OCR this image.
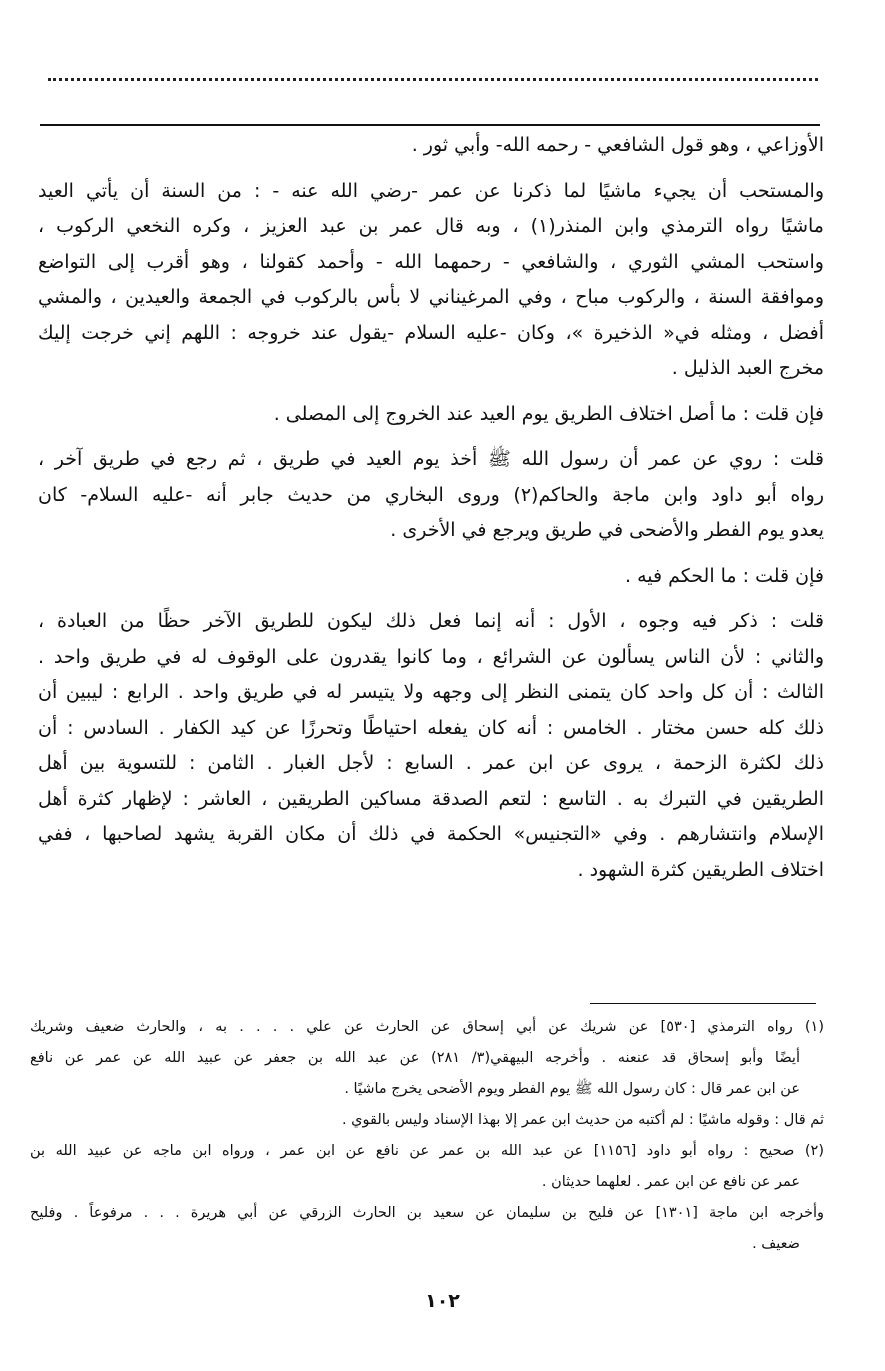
الأوزاعي ، وهو قول الشافعي - رحمه الله- وأبي ثور .
والمستحب أن يجيء ماشيًا لما ذكرنا عن عمر -رضي الله عنه - : من السنة أن يأتي العيد
ماشيًا رواه الترمذي وابن المنذر(١) ، وبه قال عمر بن عبد العزيز ، وكره النخعي الركوب ،
واستحب المشي الثوري ، والشافعي - رحمهما الله - وأحمد كقولنا ، وهو أقرب إلى التواضع
وموافقة السنة ، والركوب مباح ، وفي المرغيناني لا بأس بالركوب في الجمعة والعيدين ، والمشي
أفضل ، ومثله في« الذخيرة »، وكان -عليه السلام -يقول عند خروجه : اللهم إني خرجت إليك
مخرج العبد الذليل .
فإن قلت : ما أصل اختلاف الطريق يوم العيد عند الخروج إلى المصلى .
قلت : روي عن عمر أن رسول الله ﷺ أخذ يوم العيد في طريق ، ثم رجع في طريق آخر ،
رواه أبو داود وابن ماجة والحاكم(٢) وروى البخاري من حديث جابر أنه -عليه السلام- كان
يعدو يوم الفطر والأضحى في طريق ويرجع في الأخرى .
فإن قلت : ما الحكم فيه .
قلت : ذكر فيه وجوه ، الأول : أنه إنما فعل ذلك ليكون للطريق الآخر حظًا من العبادة ،
والثاني : لأن الناس يسألون عن الشرائع ، وما كانوا يقدرون على الوقوف له في طريق واحد .
الثالث : أن كل واحد كان يتمنى النظر إلى وجهه ولا يتيسر له في طريق واحد . الرابع : ليبين أن
ذلك كله حسن مختار . الخامس : أنه كان يفعله احتياطًا وتحرزًا عن كيد الكفار . السادس : أن
ذلك لكثرة الزحمة ، يروى عن ابن عمر . السابع : لأجل الغبار . الثامن : للتسوية بين أهل
الطريقين في التبرك به . التاسع : لتعم الصدقة مساكين الطريقين ، العاشر : لإظهار كثرة أهل
الإسلام وانتشارهم . وفي «التجنيس» الحكمة في ذلك أن مكان القربة يشهد لصاحبها ، ففي
اختلاف الطريقين كثرة الشهود .
(١) رواه الترمذي [٥٣٠] عن شريك عن أبي إسحاق عن الحارث عن علي . . . . به ، والحارث ضعيف وشريك
أيضًا وأبو إسحاق قد عنعنه . وأخرجه البيهقي(٣/ ٢٨١) عن عبد الله بن جعفر عن عبيد الله عن عمر عن نافع
عن ابن عمر قال : كان رسول الله ﷺ يوم الفطر ويوم الأضحى يخرج ماشيًا .
ثم قال : وقوله ماشيًا : لم أكتبه من حديث ابن عمر إلا بهذا الإسناد وليس بالقوي .
(٢) صحيح : رواه أبو داود [١١٥٦] عن عبد الله بن عمر عن نافع عن ابن عمر ، ورواه ابن ماجه عن عبيد الله بن
عمر عن نافع عن ابن عمر . لعلهما حديثان .
وأخرجه ابن ماجة [١٣٠١] عن فليح بن سليمان عن سعيد بن الحارث الزرقي عن أبي هريرة . . . مرفوعاً . وفليح
ضعيف .
١٠٢
